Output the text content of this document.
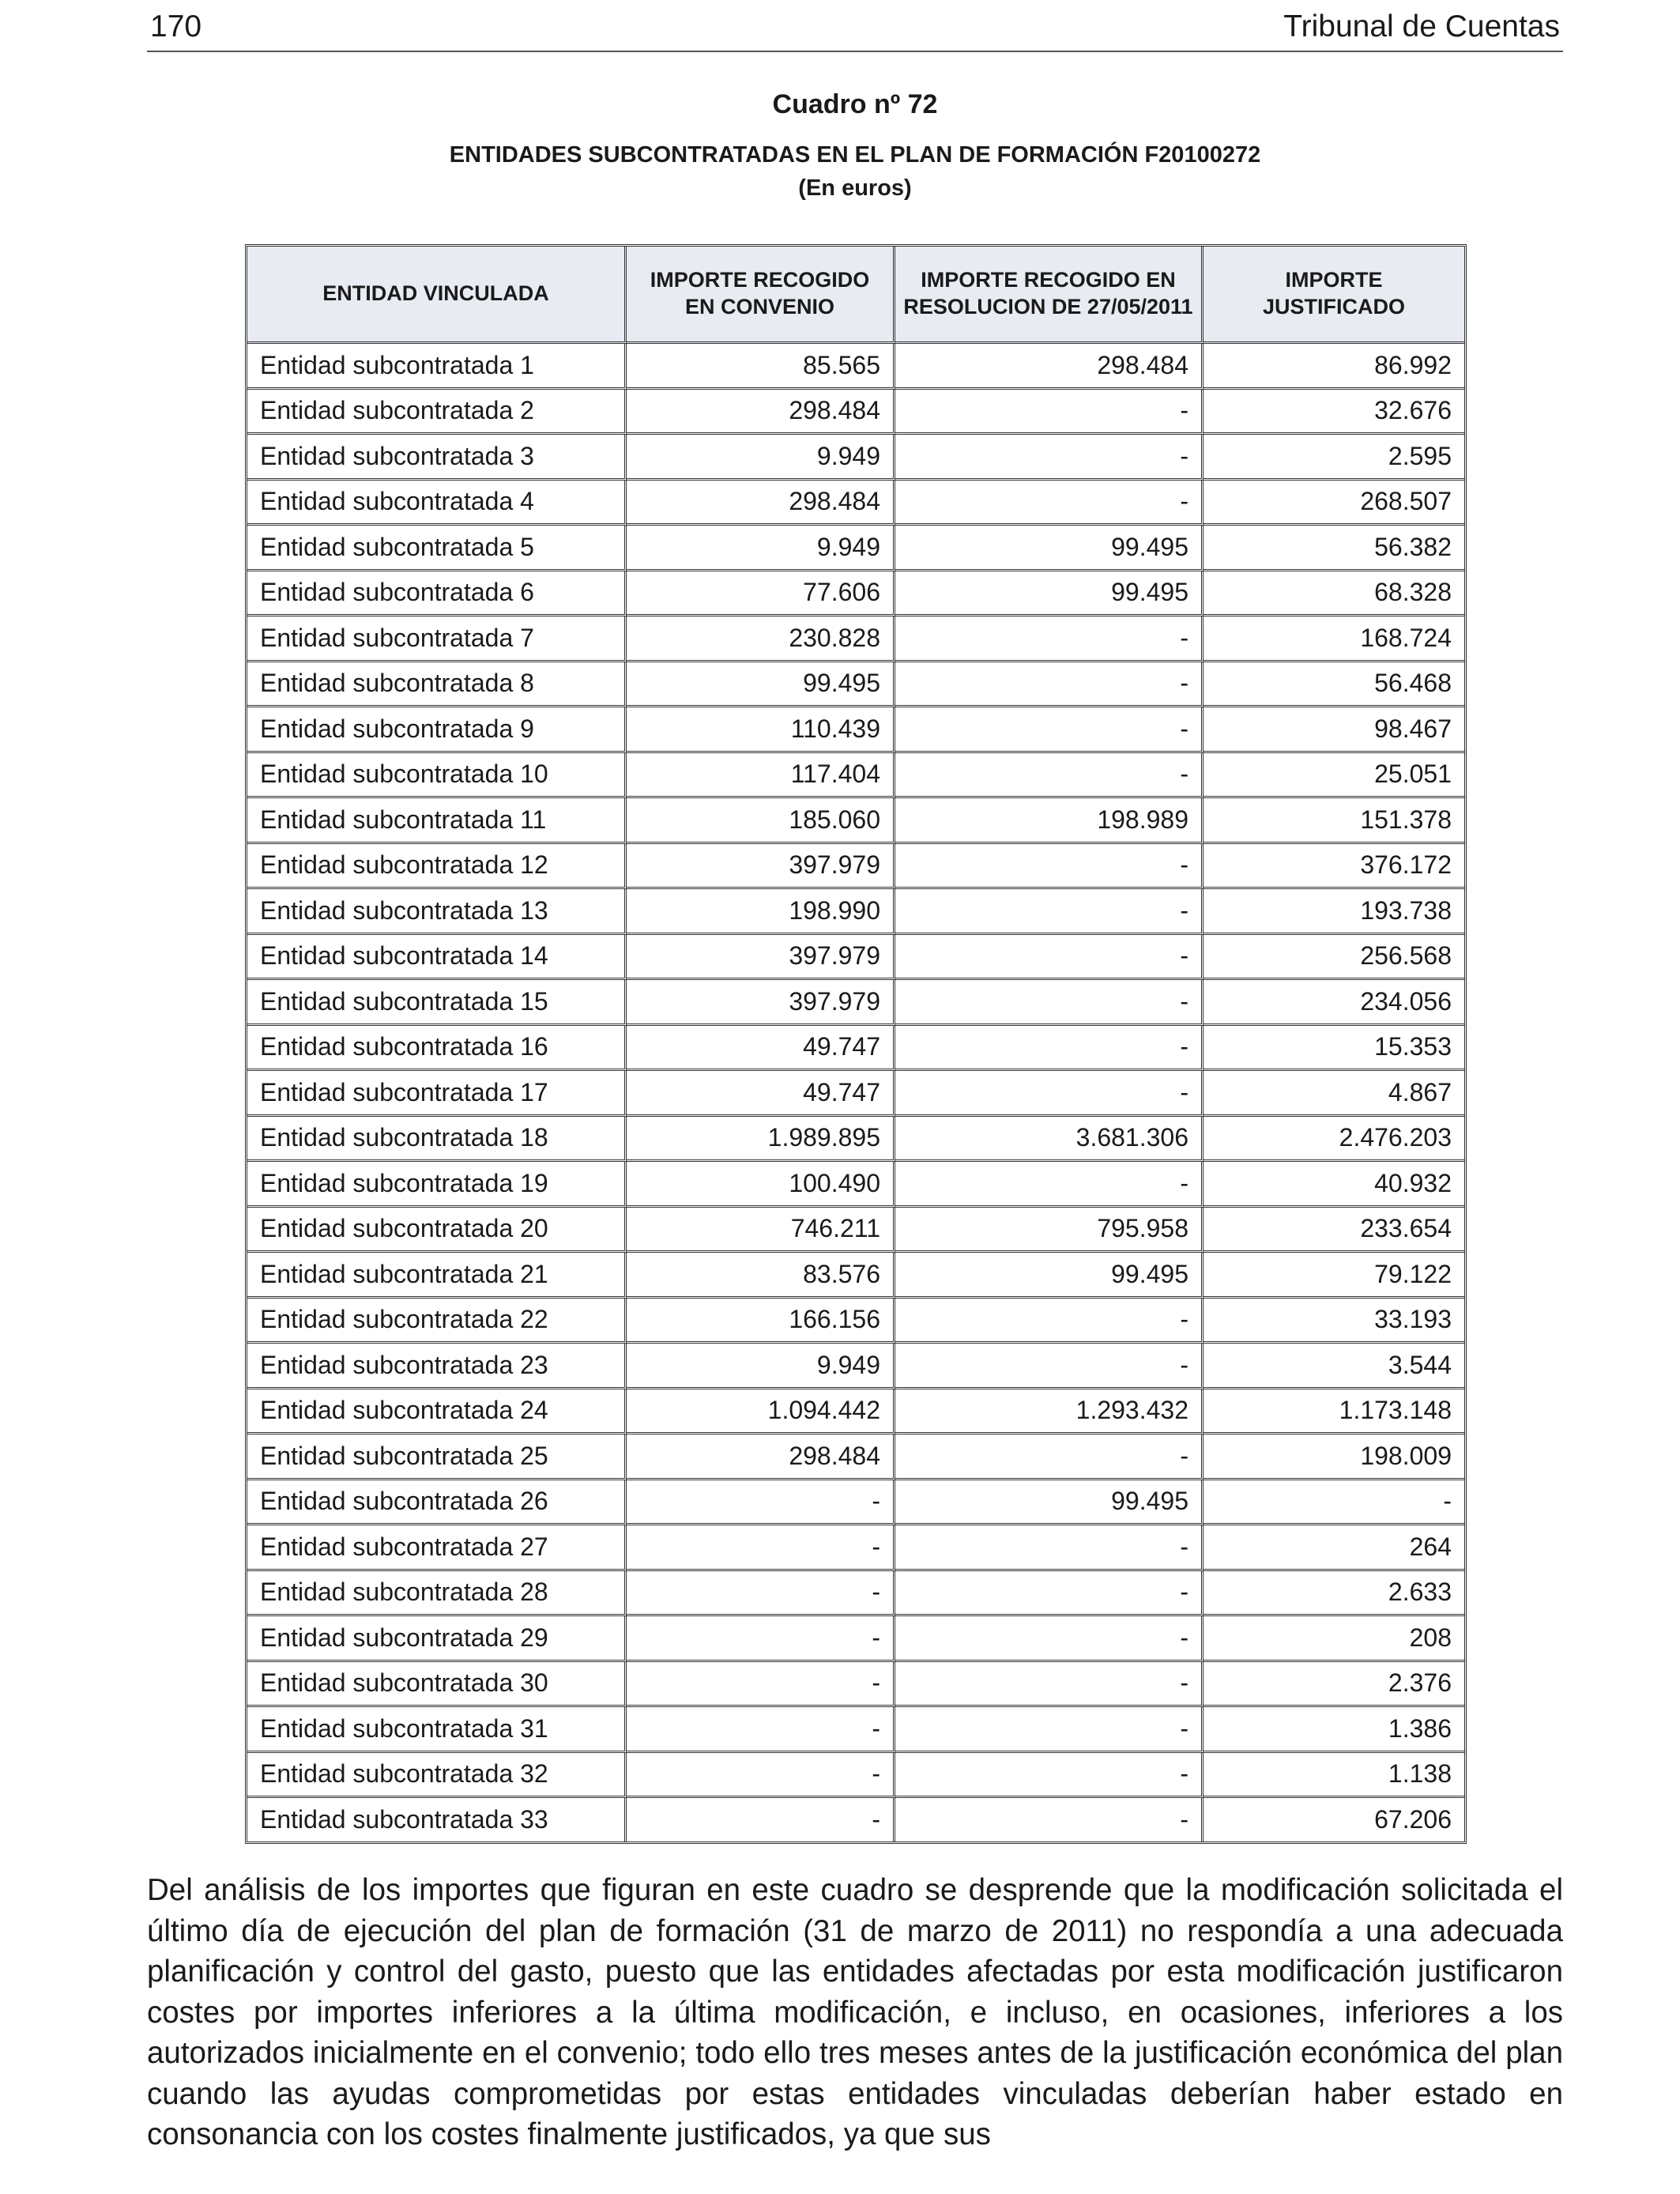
170	Tribunal de Cuentas
Cuadro nº 72
ENTIDADES SUBCONTRATADAS EN EL PLAN DE FORMACIÓN F20100272
(En euros)
ENTIDAD VINCULADA	IMPORTE RECOGIDO EN CONVENIO	IMPORTE RECOGIDO EN RESOLUCION DE 27/05/2011	IMPORTE JUSTIFICADO
Entidad subcontratada 1	85.565	298.484	86.992
Entidad subcontratada 2	298.484	-	32.676
Entidad subcontratada 3	9.949	-	2.595
Entidad subcontratada 4	298.484	-	268.507
Entidad subcontratada 5	9.949	99.495	56.382
Entidad subcontratada 6	77.606	99.495	68.328
Entidad subcontratada 7	230.828	-	168.724
Entidad subcontratada 8	99.495	-	56.468
Entidad subcontratada 9	110.439	-	98.467
Entidad subcontratada 10	117.404	-	25.051
Entidad subcontratada 11	185.060	198.989	151.378
Entidad subcontratada 12	397.979	-	376.172
Entidad subcontratada 13	198.990	-	193.738
Entidad subcontratada 14	397.979	-	256.568
Entidad subcontratada 15	397.979	-	234.056
Entidad subcontratada 16	49.747	-	15.353
Entidad subcontratada 17	49.747	-	4.867
Entidad subcontratada 18	1.989.895	3.681.306	2.476.203
Entidad subcontratada 19	100.490	-	40.932
Entidad subcontratada 20	746.211	795.958	233.654
Entidad subcontratada 21	83.576	99.495	79.122
Entidad subcontratada 22	166.156	-	33.193
Entidad subcontratada 23	9.949	-	3.544
Entidad subcontratada 24	1.094.442	1.293.432	1.173.148
Entidad subcontratada 25	298.484	-	198.009
Entidad subcontratada 26	-	99.495	-
Entidad subcontratada 27	-	-	264
Entidad subcontratada 28	-	-	2.633
Entidad subcontratada 29	-	-	208
Entidad subcontratada 30	-	-	2.376
Entidad subcontratada 31	-	-	1.386
Entidad subcontratada 32	-	-	1.138
Entidad subcontratada 33	-	-	67.206
Del análisis de los importes que figuran en este cuadro se desprende que la modificación solicitada el último día de ejecución del plan de formación (31 de marzo de 2011) no respondía a una adecuada planificación y control del gasto, puesto que las entidades afectadas por esta modificación justificaron costes por importes inferiores a la última modificación, e incluso, en ocasiones, inferiores a los autorizados inicialmente en el convenio; todo ello tres meses antes de la justificación económica del plan cuando las ayudas comprometidas por estas entidades vinculadas deberían haber estado en consonancia con los costes finalmente justificados, ya que sus
